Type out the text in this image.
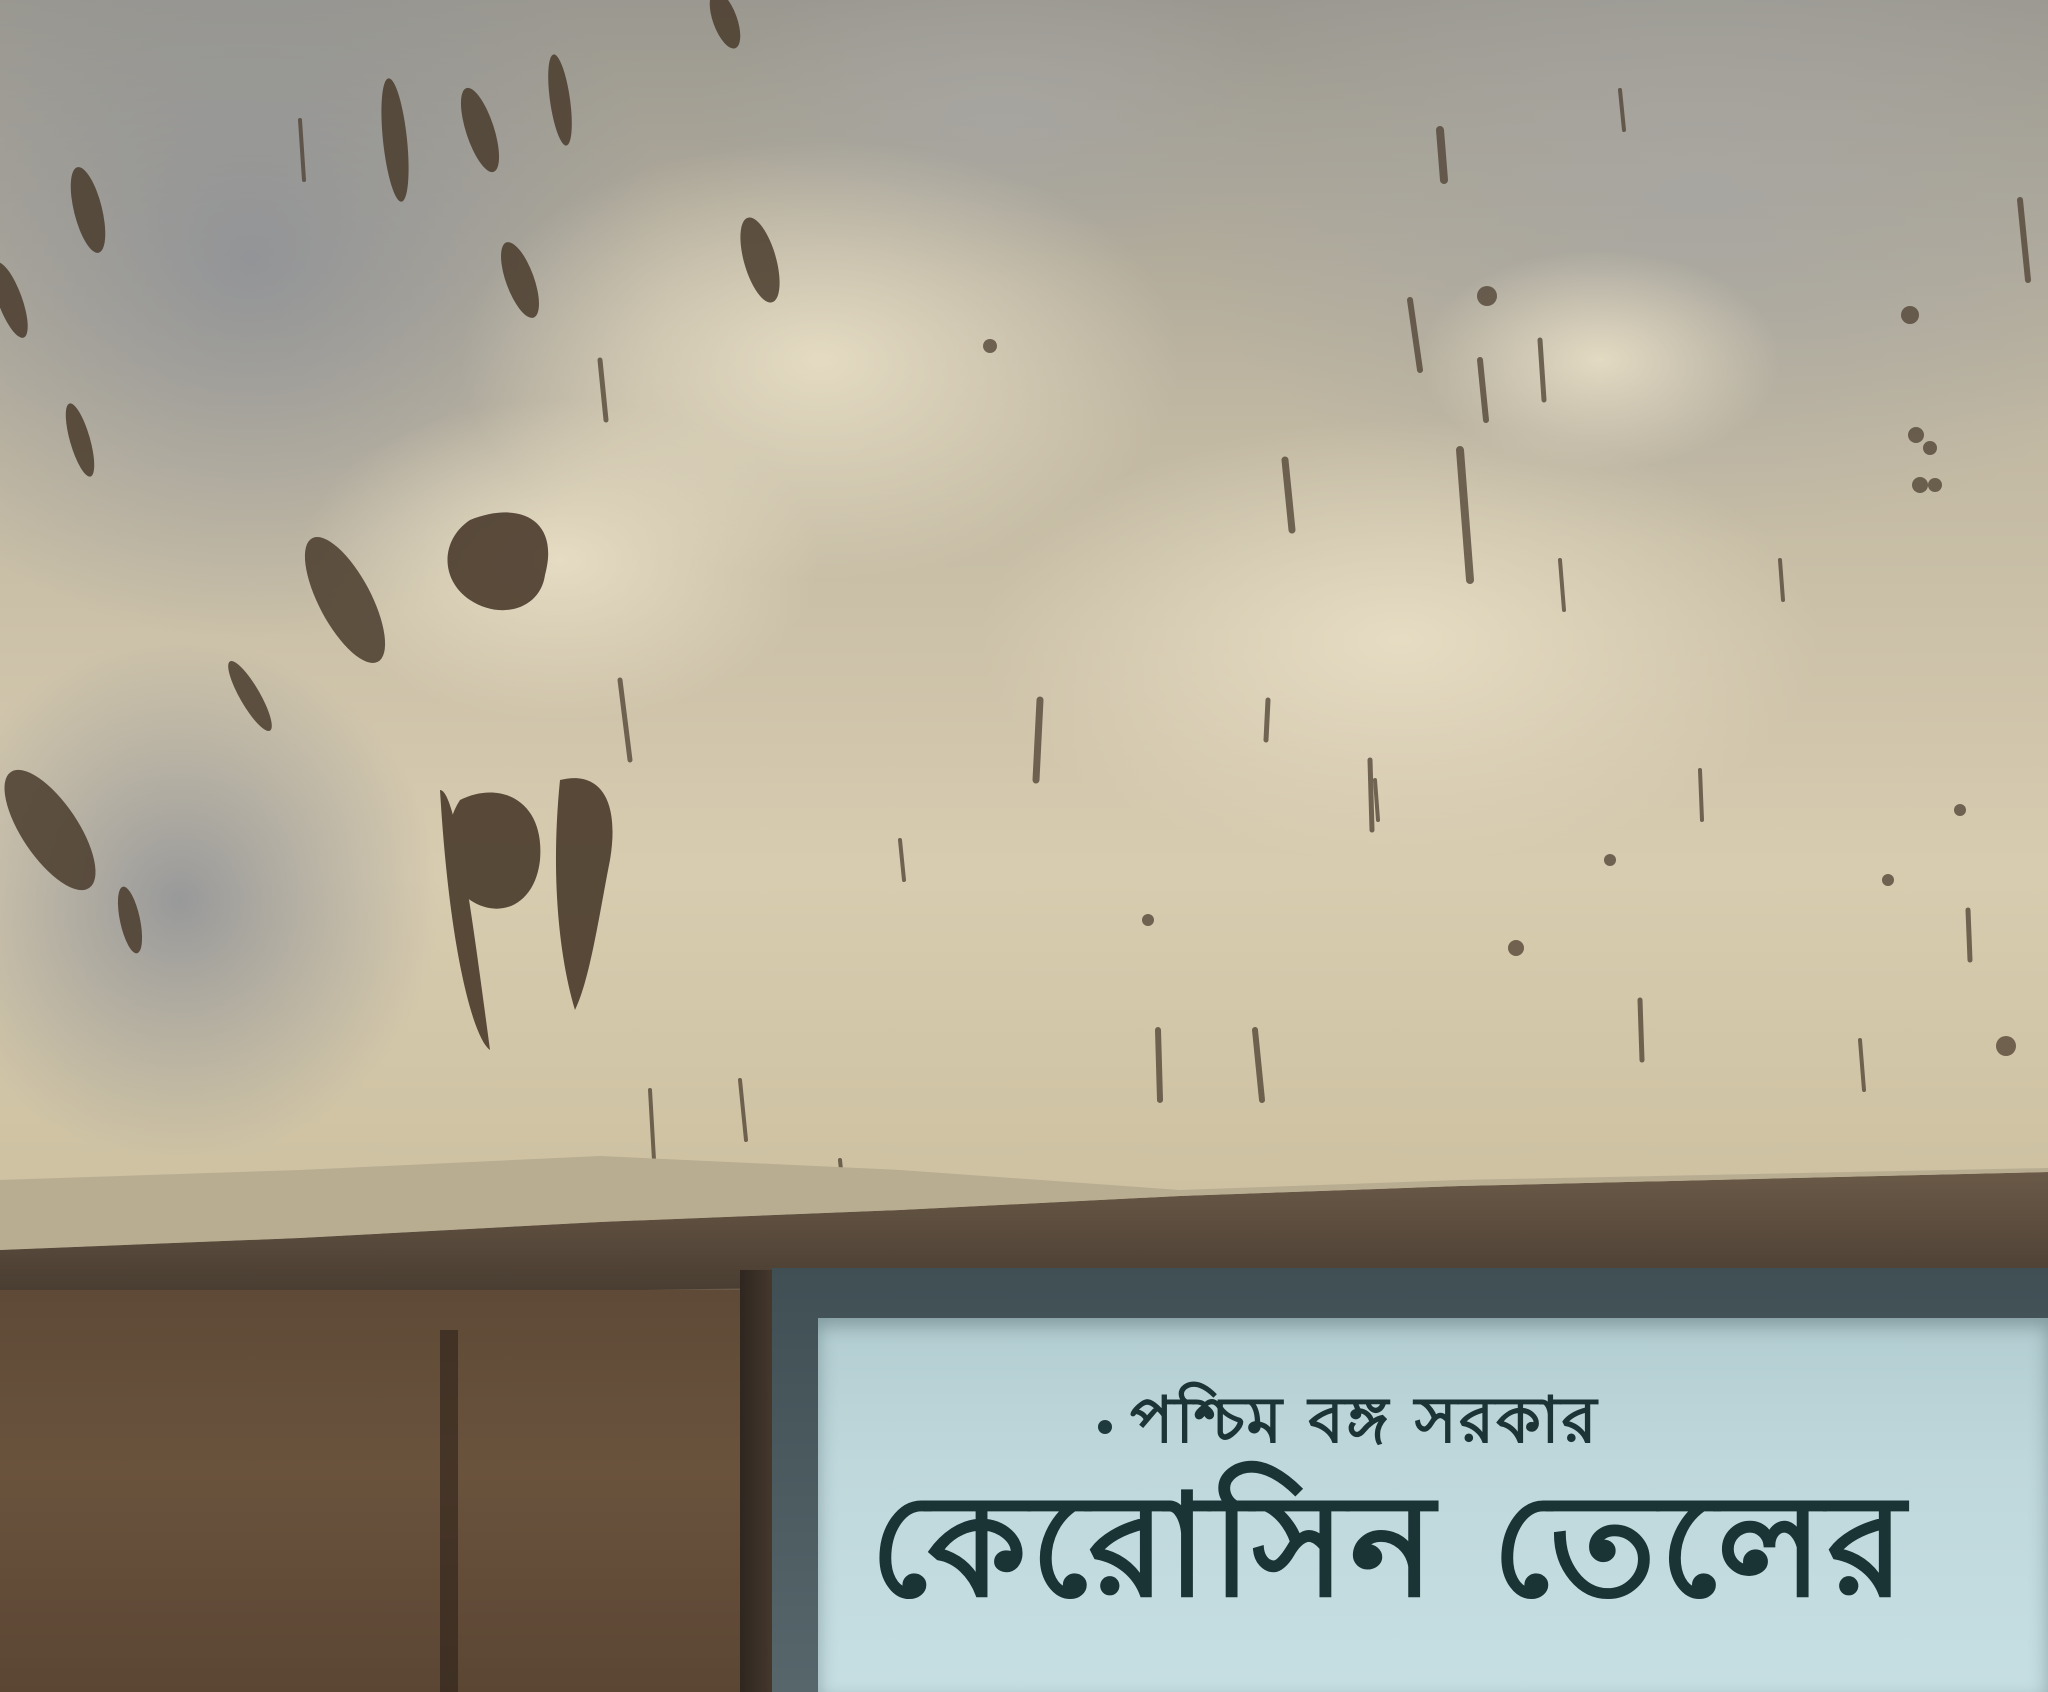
পশ্চিম বঙ্গ সরকার
কেরোসিন তেলের
